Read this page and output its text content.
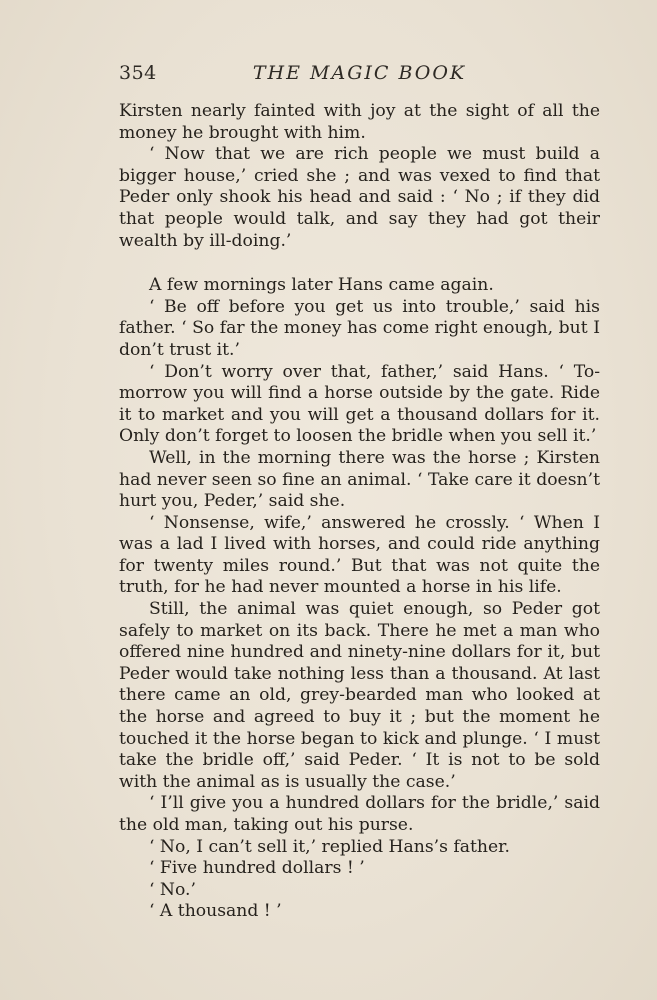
354	THE MAGIC BOOK

Kirsten nearly fainted with joy at the sight of all the money he brought with him.

‘ Now that we are rich people we must build a bigger house,’ cried she ; and was vexed to find that Peder only shook his head and said : ‘ No ; if they did that people would talk, and say they had got their wealth by ill-doing.’

A few mornings later Hans came again.

‘ Be off before you get us into trouble,’ said his father. ‘ So far the money has come right enough, but I don’t trust it.’

‘ Don’t worry over that, father,’ said Hans. ‘ To-morrow you will find a horse outside by the gate. Ride it to market and you will get a thousand dollars for it. Only don’t forget to loosen the bridle when you sell it.’

Well, in the morning there was the horse ; Kirsten had never seen so fine an animal. ‘ Take care it doesn’t hurt you, Peder,’ said she.

‘ Nonsense, wife,’ answered he crossly. ‘ When I was a lad I lived with horses, and could ride anything for twenty miles round.’ But that was not quite the truth, for he had never mounted a horse in his life.

Still, the animal was quiet enough, so Peder got safely to market on its back. There he met a man who offered nine hundred and ninety-nine dollars for it, but Peder would take nothing less than a thousand. At last there came an old, grey-bearded man who looked at the horse and agreed to buy it ; but the moment he touched it the horse began to kick and plunge. ‘ I must take the bridle off,’ said Peder. ‘ It is not to be sold with the animal as is usually the case.’

‘ I’ll give you a hundred dollars for the bridle,’ said the old man, taking out his purse.

‘ No, I can’t sell it,’ replied Hans’s father.

‘ Five hundred dollars ! ’

‘ No.’

‘ A thousand ! ’
